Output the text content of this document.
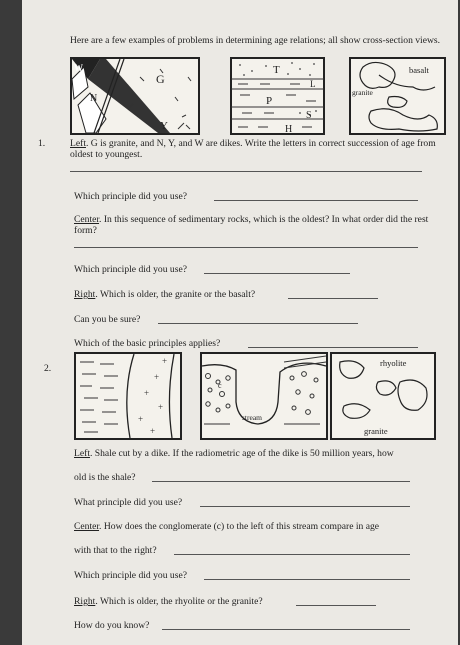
Here are a few examples of problems in determining age relations; all show cross-section views.
W
G
N
Y
T
L
P
S
H
basalt
granite
1.	Left. G is granite, and N, Y, and W are dikes. Write the letters in correct succession of age from oldest to youngest.
Which principle did you use?
Center. In this sequence of sedimentary rocks, which is the oldest? In what order did the rest form?
Which principle did you use?
Right. Which is older, the granite or the basalt?
Can you be sure?
Which of the basic principles applies?
2.
+
+
+
+
+
+
c
stream
rhyolite
granite
Left. Shale cut by a dike. If the radiometric age of the dike is 50 million years, how
old is the shale?
What principle did you use?
Center. How does the conglomerate (c) to the left of this stream compare in age
with that to the right?
Which principle did you use?
Right. Which is older, the rhyolite or the granite?
How do you know?
